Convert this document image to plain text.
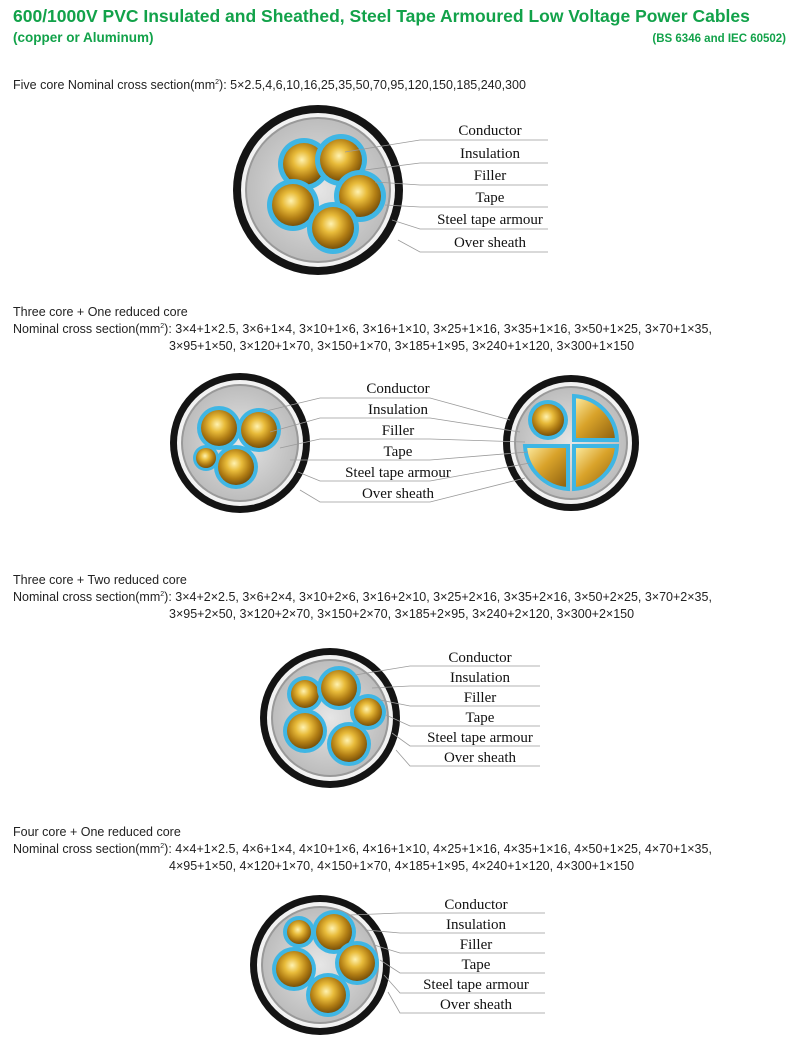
600/1000V PVC Insulated and Sheathed, Steel Tape Armoured Low Voltage Power Cables
(copper or Aluminum)	(BS 6346 and IEC 60502)
Five core Nominal cross $section(mm^2)$: 5×2.5,4,6,10,16,25,35,50,70,95,120,150,185,240,300
Three core + One reduced core
Nominal cross $section(mm^2)$: 3×4+1×2.5, 3×6+1×4, 3×10+1×6, 3×16+1×10, 3×25+1×16, 3×35+1×16, 3×50+1×25, 3×70+1×35,
3×95+1×50, 3×120+1×70, 3×150+1×70, 3×185+1×95, 3×240+1×120, 3×300+1×150
Three core + Two reduced core
Nominal cross $section(mm^2)$: 3×4+2×2.5, 3×6+2×4, 3×10+2×6, 3×16+2×10, 3×25+2×16, 3×35+2×16, 3×50+2×25, 3×70+2×35,
3×95+2×50, 3×120+2×70, 3×150+2×70, 3×185+2×95, 3×240+2×120, 3×300+2×150
Four core + One reduced core
Nominal cross $section(mm^2)$: 4×4+1×2.5, 4×6+1×4, 4×10+1×6, 4×16+1×10, 4×25+1×16, 4×35+1×16, 4×50+1×25, 4×70+1×35,
4×95+1×50, 4×120+1×70, 4×150+1×70, 4×185+1×95, 4×240+1×120, 4×300+1×150
Conductor
Insulation
Filler
Tape
Steel tape armour
Over sheath
Conductor
Insulation
Filler
Tape
Steel tape armour
Over sheath
Conductor
Insulation
Filler
Tape
Steel tape armour
Over sheath
Conductor
Insulation
Filler
Tape
Steel tape armour
Over sheath
